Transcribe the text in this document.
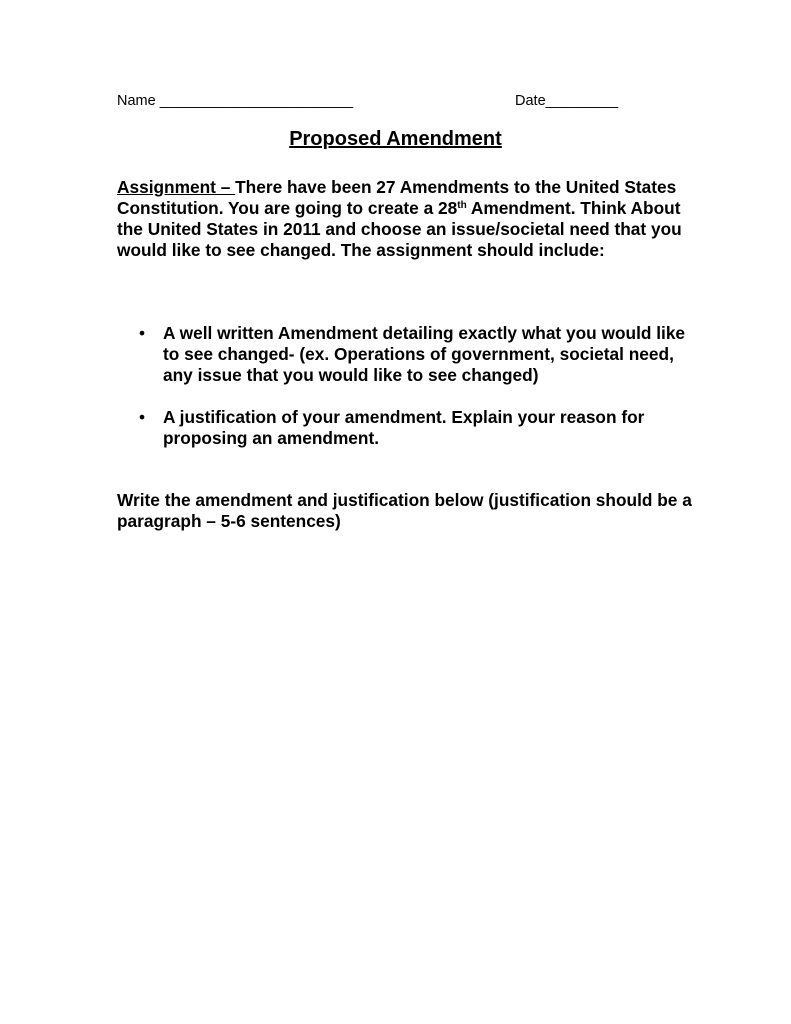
Name ________________________	Date_________
Proposed Amendment
Assignment – There have been 27 Amendments to the United States Constitution. You are going to create a 28th Amendment. Think About the United States in 2011 and choose an issue/societal need that you would like to see changed. The assignment should include:
• A well written Amendment detailing exactly what you would like to see changed- (ex. Operations of government, societal need, any issue that you would like to see changed)
• A justification of your amendment. Explain your reason for proposing an amendment.
Write the amendment and justification below (justification should be a paragraph – 5-6 sentences)
